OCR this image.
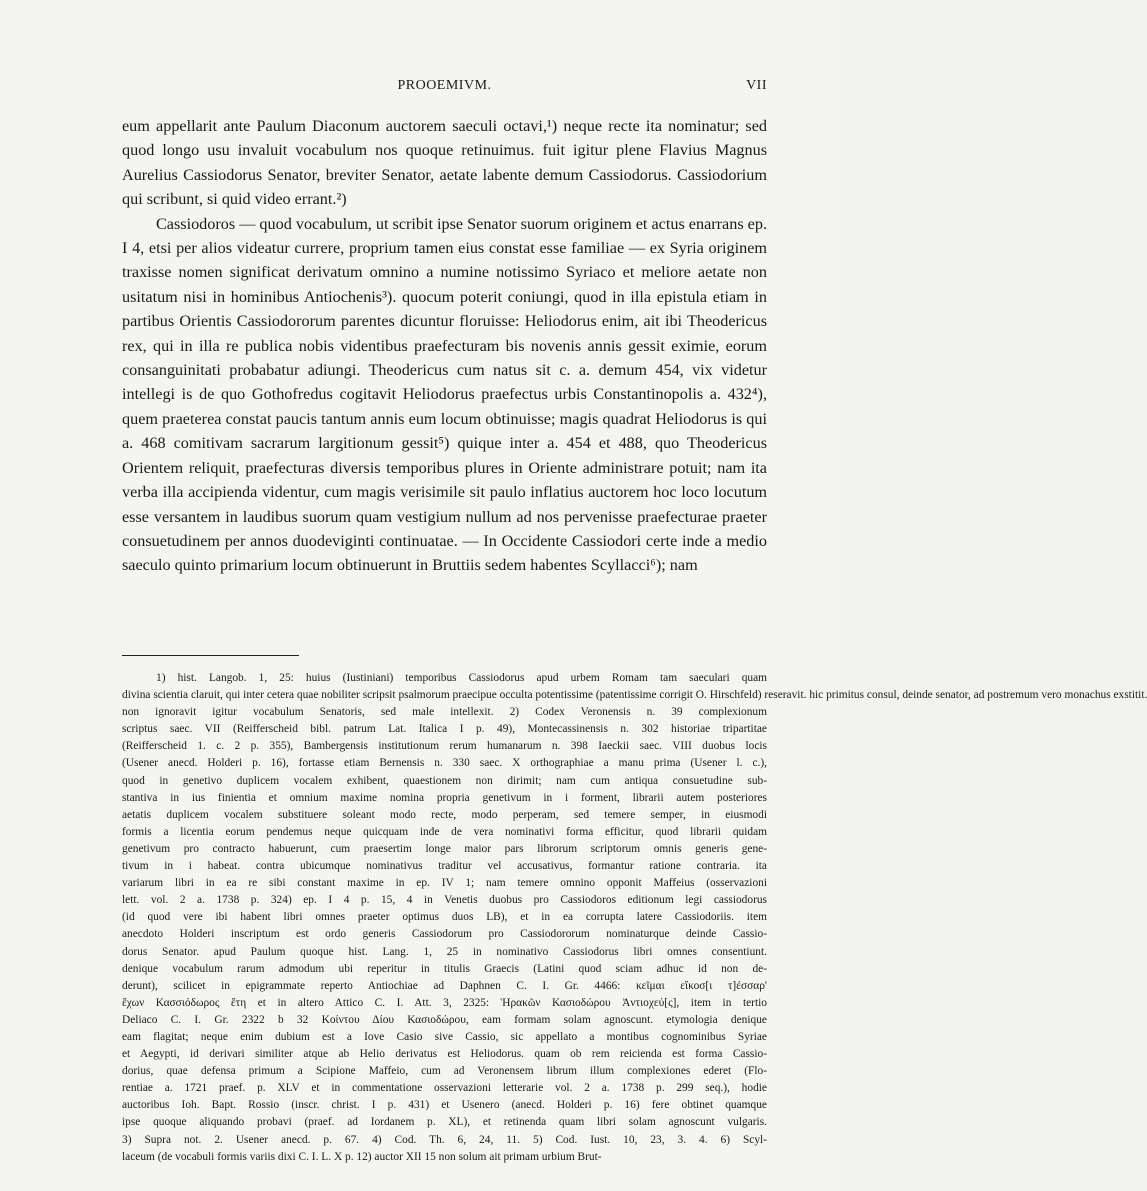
PROOEMIVM.	VII

eum appellarit ante Paulum Diaconum auctorem saeculi octavi,¹) neque recte ita nominatur; sed quod longo usu invaluit vocabulum nos quoque retinuimus. fuit igitur plene Flavius Magnus Aurelius Cassiodorus Senator, breviter Senator, aetate labente demum Cassiodorus. Cassiodorium qui scribunt, si quid video errant.²)

Cassiodoros — quod vocabulum, ut scribit ipse Senator suorum originem et actus enarrans ep. I 4, etsi per alios videatur currere, proprium tamen eius constat esse familiae — ex Syria originem traxisse nomen significat derivatum omnino a numine notissimo Syriaco et meliore aetate non usitatum nisi in hominibus Antiochenis³). quocum poterit coniungi, quod in illa epistula etiam in partibus Orientis Cassiodororum parentes dicuntur floruisse: Heliodorus enim, ait ibi Theodericus rex, qui in illa re publica nobis videntibus praefecturam bis novenis annis gessit eximie, eorum consanguinitati probabatur adiungi. Theodericus cum natus sit c. a. demum 454, vix videtur intellegi is de quo Gothofredus cogitavit Heliodorus praefectus urbis Constantinopolis a. 432⁴), quem praeterea constat paucis tantum annis eum locum obtinuisse; magis quadrat Heliodorus is qui a. 468 comitivam sacrarum largitionum gessit⁵) quique inter a. 454 et 488, quo Theodericus Orientem reliquit, praefecturas diversis temporibus plures in Oriente administrare potuit; nam ita verba illa accipienda videntur, cum magis verisimile sit paulo inflatius auctorem hoc loco locutum esse versantem in laudibus suorum quam vestigium nullum ad nos pervenisse praefecturae praeter consuetudinem per annos duodeviginti continuatae. — In Occidente Cassiodori certe inde a medio saeculo quinto primarium locum obtinuerunt in Bruttiis sedem habentes Scyllacci⁶); nam

1) hist. Langob. 1, 25: huius (Iustiniani) temporibus Cassiodorus apud urbem Romam tam saeculari quam
divina scientia claruit, qui inter cetera quae nobiliter scripsit psalmorum praecipue occulta potentissime (patentissime corrigit O. Hirschfeld) reseravit. hic primitus consul, deinde senator, ad postremum vero monachus exstitit.
non ignoravit igitur vocabulum Senatoris, sed male intellexit. 2) Codex Veronensis n. 39 complexionum
scriptus saec. VII (Reifferscheid bibl. patrum Lat. Italica I p. 49), Montecassinensis n. 302 historiae tripartitae
(Reifferscheid 1. c. 2 p. 355), Bambergensis institutionum rerum humanarum n. 398 Iaeckii saec. VIII duobus locis
(Usener anecd. Holderi p. 16), fortasse etiam Bernensis n. 330 saec. X orthographiae a manu prima (Usener l. c.),
quod in genetivo duplicem vocalem exhibent, quaestionem non dirimit; nam cum antiqua consuetudine sub-
stantiva in ius finientia et omnium maxime nomina propria genetivum in i forment, librarii autem posteriores
aetatis duplicem vocalem substituere soleant modo recte, modo perperam, sed temere semper, in eiusmodi
formis a licentia eorum pendemus neque quicquam inde de vera nominativi forma efficitur, quod librarii quidam
genetivum pro contracto habuerunt, cum praesertim longe maior pars librorum scriptorum omnis generis gene-
tivum in i habeat. contra ubicumque nominativus traditur vel accusativus, formantur ratione contraria. ita
variarum libri in ea re sibi constant maxime in ep. IV 1; nam temere omnino opponit Maffeius (osservazioni
lett. vol. 2 a. 1738 p. 324) ep. I 4 p. 15, 4 in Venetis duobus pro Cassiodoros editionum legi cassiodorus
(id quod vere ibi habent libri omnes praeter optimus duos LB), et in ea corrupta latere Cassiodoriis. item
anecdoto Holderi inscriptum est ordo generis Cassiodorum pro Cassiodororum nominaturque deinde Cassio-
dorus Senator. apud Paulum quoque hist. Lang. 1, 25 in nominativo Cassiodorus libri omnes consentiunt.
denique vocabulum rarum admodum ubi reperitur in titulis Graecis (Latini quod sciam adhuc id non de-
derunt), scilicet in epigrammate reperto Antiochiae ad Daphnen C. I. Gr. 4466: κεῖμαι εἴκοσ[ι τ]έσσαρ'
ἔχων Κασσιόδωρος ἔτη et in altero Attico C. I. Att. 3, 2325: Ἡρακῶν Κασιοδώρου Ἀντιοχεύ[ς], item in tertio
Deliaco C. I. Gr. 2322 b 32 Κοίντου Δίου Κασιοδώρου, eam formam solam agnoscunt. etymologia denique
eam flagitat; neque enim dubium est a Iove Casio sive Cassio, sic appellato a montibus cognominibus Syriae
et Aegypti, id derivari similiter atque ab Helio derivatus est Heliodorus. quam ob rem reicienda est forma Cassio-
dorius, quae defensa primum a Scipione Maffeio, cum ad Veronensem librum illum complexiones ederet (Flo-
rentiae a. 1721 praef. p. XLV et in commentatione osservazioni letterarie vol. 2 a. 1738 p. 299 seq.), hodie
auctoribus Ioh. Bapt. Rossio (inscr. christ. I p. 431) et Usenero (anecd. Holderi p. 16) fere obtinet quamque
ipse quoque aliquando probavi (praef. ad Iordanem p. XL), et retinenda quam libri solam agnoscunt vulgaris.
3) Supra not. 2. Usener anecd. p. 67. 4) Cod. Th. 6, 24, 11. 5) Cod. Iust. 10, 23, 3. 4. 6) Scyl-
laceum (de vocabuli formis variis dixi C. I. L. X p. 12) auctor XII 15 non solum ait primam urbium Brut-
